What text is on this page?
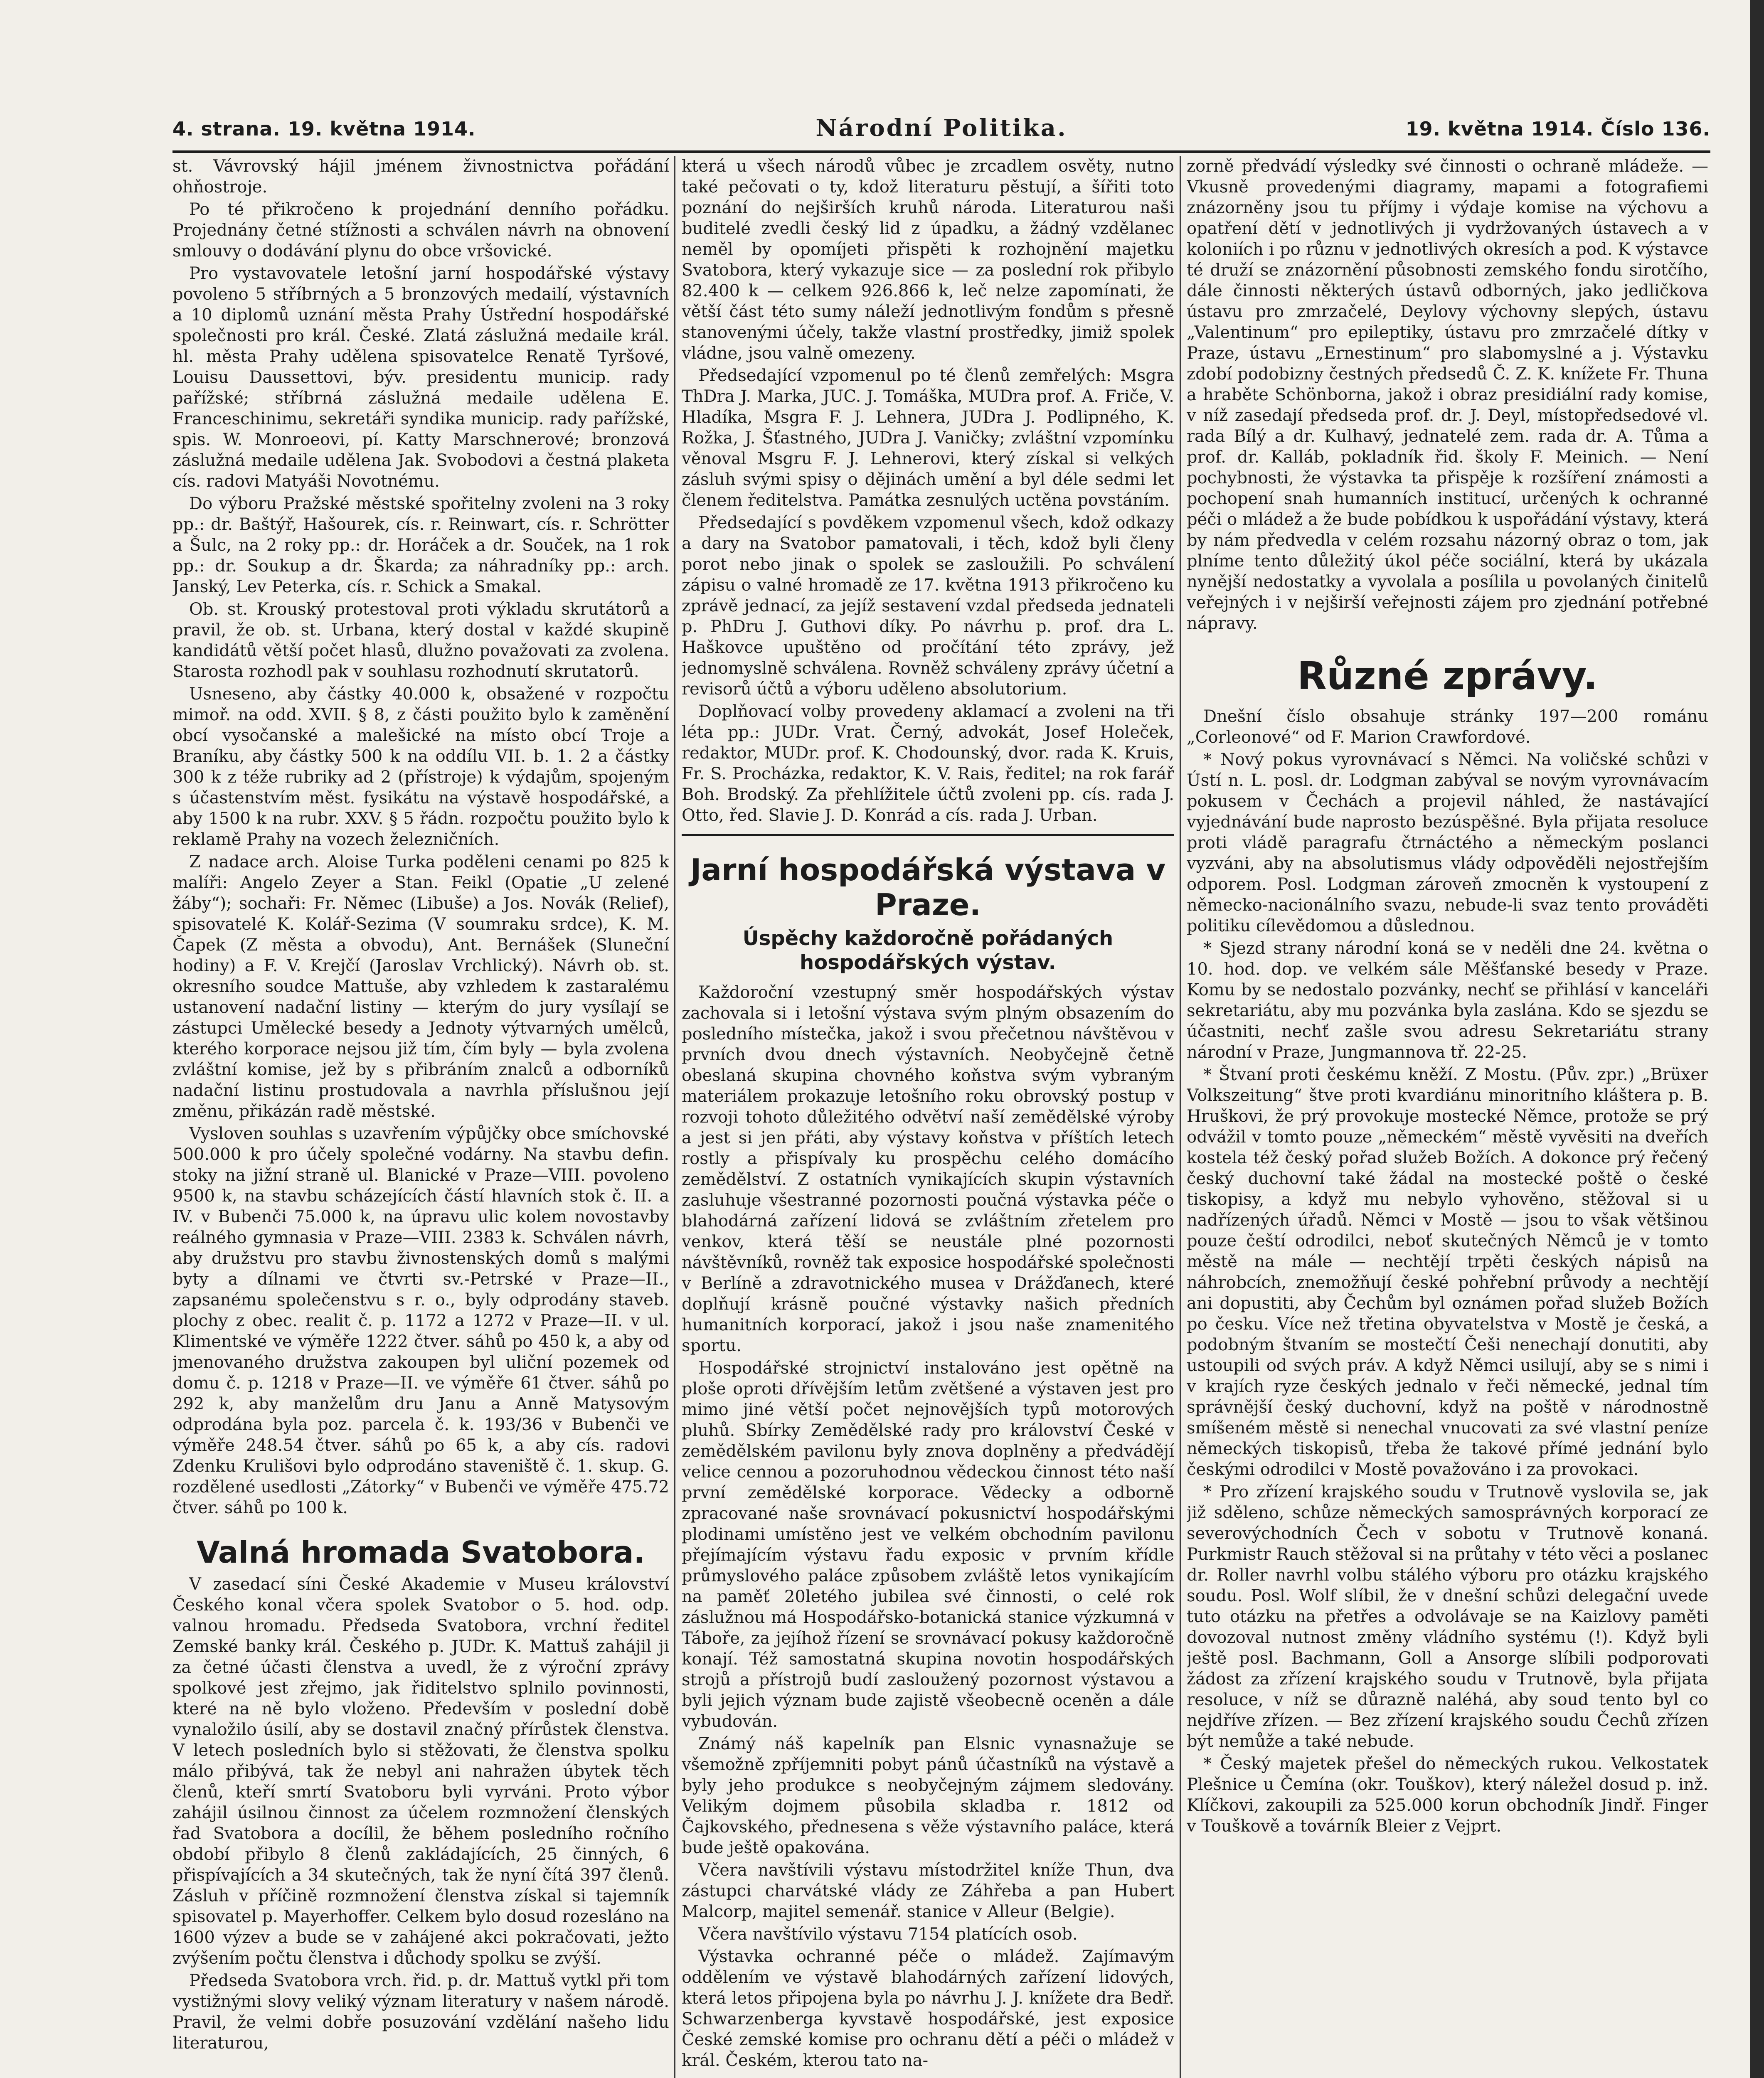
4. strana. 19. května 1914.	Národní Politika.	19. května 1914. Číslo 136.

st. Vávrovský hájil jménem živnostnictva pořádání ohňostroje.

Po té přikročeno k projednání denního pořádku. Projednány četné stížnosti a schválen návrh na obnovení smlouvy o dodávání plynu do obce vršovické.

Pro vystavovatele letošní jarní hospodářské výstavy povoleno 5 stříbrných a 5 bronzových medailí, výstavních a 10 diplomů uznání města Prahy Ústřední hospodářské společnosti pro král. České. Zlatá záslužná medaile král. hl. města Prahy udělena spisovatelce Renatě Tyršové, Louisu Daussettovi, býv. presidentu municip. rady pařížské; stříbrná záslužná medaile udělena E. Franceschinimu, sekretáři syndika municip. rady pařížské, spis. W. Monroeovi, pí. Katty Marschnerové; bronzová záslužná medaile udělena Jak. Svobodovi a čestná plaketa cís. radovi Matyáši Novotnému.

Do výboru Pražské městské spořitelny zvoleni na 3 roky pp.: dr. Baštýř, Hašourek, cís. r. Reinwart, cís. r. Schrötter a Šulc, na 2 roky pp.: dr. Horáček a dr. Souček, na 1 rok pp.: dr. Soukup a dr. Škarda; za náhradníky pp.: arch. Janský, Lev Peterka, cís. r. Schick a Smakal.

Ob. st. Krouský protestoval proti výkladu skrutátorů a pravil, že ob. st. Urbana, který dostal v každé skupině kandidátů větší počet hlasů, dlužno považovati za zvolena. Starosta rozhodl pak v souhlasu rozhodnutí skrutatorů.

Usneseno, aby částky 40.000 k, obsažené v rozpočtu mimoř. na odd. XVII. § 8, z části použito bylo k zaměnění obcí vysočanské a malešické na místo obcí Troje a Braníku, aby částky 500 k na oddílu VII. b. 1. 2 a částky 300 k z téže rubriky ad 2 (přístroje) k výdajům, spojeným s účastenstvím měst. fysikátu na výstavě hospodářské, a aby 1500 k na rubr. XXV. § 5 řádn. rozpočtu použito bylo k reklamě Prahy na vozech železničních.

Z nadace arch. Aloise Turka poděleni cenami po 825 k malíři: Angelo Zeyer a Stan. Feikl (Opatie „U zelené žáby“); sochaři: Fr. Němec (Libuše) a Jos. Novák (Relief), spisovatelé K. Kolář-Sezima (V soumraku srdce), K. M. Čapek (Z města a obvodu), Ant. Bernášek (Sluneční hodiny) a F. V. Krejčí (Jaroslav Vrchlický). Návrh ob. st. okresního soudce Mattuše, aby vzhledem k zastaralému ustanovení nadační listiny — kterým do jury vysílají se zástupci Umělecké besedy a Jednoty výtvarných umělců, kterého korporace nejsou již tím, čím byly — byla zvolena zvláštní komise, jež by s přibráním znalců a odborníků nadační listinu prostudovala a navrhla příslušnou její změnu, přikázán radě městské.

Vysloven souhlas s uzavřením výpůjčky obce smíchovské 500.000 k pro účely společné vodárny. Na stavbu defin. stoky na jižní straně ul. Blanické v Praze—VIII. povoleno 9500 k, na stavbu scházejících částí hlavních stok č. II. a IV. v Bubenči 75.000 k, na úpravu ulic kolem novostavby reálného gymnasia v Praze—VIII. 2383 k. Schválen návrh, aby družstvu pro stavbu živnostenských domů s malými byty a dílnami ve čtvrti sv.-Petrské v Praze—II., zapsanému společenstvu s r. o., byly odprodány staveb. plochy z obec. realit č. p. 1172 a 1272 v Praze—II. v ul. Klimentské ve výměře 1222 čtver. sáhů po 450 k, a aby od jmenovaného družstva zakoupen byl uliční pozemek od domu č. p. 1218 v Praze—II. ve výměře 61 čtver. sáhů po 292 k, aby manželům dru Janu a Anně Matysovým odprodána byla poz. parcela č. k. 193/36 v Bubenči ve výměře 248.54 čtver. sáhů po 65 k, a aby cís. radovi Zdenku Krulišovi bylo odprodáno staveniště č. 1. skup. G. rozdělené usedlosti „Zátorky“ v Bubenči ve výměře 475.72 čtver. sáhů po 100 k.

Valná hromada Svatobora.

V zasedací síni České Akademie v Museu království Českého konal včera spolek Svatobor o 5. hod. odp. valnou hromadu. Předseda Svatobora, vrchní ředitel Zemské banky král. Českého p. JUDr. K. Mattuš zahájil ji za četné účasti členstva a uvedl, že z výroční zprávy spolkové jest zřejmo, jak řiditelstvo splnilo povinnosti, které na ně bylo vloženo. Především v poslední době vynaložilo úsilí, aby se dostavil značný přírůstek členstva. V letech posledních bylo si stěžovati, že členstva spolku málo přibývá, tak že nebyl ani nahražen úbytek těch členů, kteří smrtí Svatoboru byli vyrváni. Proto výbor zahájil úsilnou činnost za účelem rozmnožení členských řad Svatobora a docílil, že během posledního ročního období přibylo 8 členů zakládajících, 25 činných, 6 přispívajících a 34 skutečných, tak že nyní čítá 397 členů. Zásluh v příčině rozmnožení členstva získal si tajemník spisovatel p. Mayerhoffer. Celkem bylo dosud rozesláno na 1600 výzev a bude se v zahájené akci pokračovati, ježto zvýšením počtu členstva i důchody spolku se zvýší.

Předseda Svatobora vrch. řid. p. dr. Mattuš vytkl při tom vystižnými slovy veliký význam literatury v našem národě. Pravil, že velmi dobře posuzování vzdělání našeho lidu literaturou,

která u všech národů vůbec je zrcadlem osvěty, nutno také pečovati o ty, kdož literaturu pěstují, a šířiti toto poznání do nejširších kruhů národa. Literaturou naši buditelé zvedli český lid z úpadku, a žádný vzdělanec neměl by opomíjeti přispěti k rozhojnění majetku Svatobora, který vykazuje sice — za poslední rok přibylo 82.400 k — celkem 926.866 k, leč nelze zapomínati, že větší část této sumy náleží jednotlivým fondům s přesně stanovenými účely, takže vlastní prostředky, jimiž spolek vládne, jsou valně omezeny.

Předsedající vzpomenul po té členů zemřelých: Msgra ThDra J. Marka, JUC. J. Tomáška, MUDra prof. A. Friče, V. Hladíka, Msgra F. J. Lehnera, JUDra J. Podlipného, K. Rožka, J. Šťastného, JUDra J. Vaničky; zvláštní vzpomínku věnoval Msgru F. J. Lehnerovi, který získal si velkých zásluh svými spisy o dějinách umění a byl déle sedmi let členem ředitelstva. Památka zesnulých uctěna povstáním.

Předsedající s povděkem vzpomenul všech, kdož odkazy a dary na Svatobor pamatovali, i těch, kdož byli členy porot nebo jinak o spolek se zasloužili. Po schválení zápisu o valné hromadě ze 17. května 1913 přikročeno ku zprávě jednací, za jejíž sestavení vzdal předseda jednateli p. PhDru J. Guthovi díky. Po návrhu p. prof. dra L. Haškovce upuštěno od pročítání této zprávy, jež jednomyslně schválena. Rovněž schváleny zprávy účetní a revisorů účtů a výboru uděleno absolutorium.

Doplňovací volby provedeny aklamací a zvoleni na tři léta pp.: JUDr. Vrat. Černý, advokát, Josef Holeček, redaktor, MUDr. prof. K. Chodounský, dvor. rada K. Kruis, Fr. S. Procházka, redaktor, K. V. Rais, ředitel; na rok farář Boh. Brodský. Za přehlížitele účtů zvoleni pp. cís. rada J. Otto, řed. Slavie J. D. Konrád a cís. rada J. Urban.

Jarní hospodářská výstava v Praze.
Úspěchy každoročně pořádaných hospodářských výstav.

Každoroční vzestupný směr hospodářských výstav zachovala si i letošní výstava svým plným obsazením do posledního místečka, jakož i svou přečetnou návštěvou v prvních dvou dnech výstavních. Neobyčejně četně obeslaná skupina chovného koňstva svým vybraným materiálem prokazuje letošního roku obrovský postup v rozvoji tohoto důležitého odvětví naší zemědělské výroby a jest si jen přáti, aby výstavy koňstva v příštích letech rostly a přispívaly ku prospěchu celého domácího zemědělství. Z ostatních vynikajících skupin výstavních zasluhuje všestranné pozornosti poučná výstavka péče o blahodárná zařízení lidová se zvláštním zřetelem pro venkov, která těší se neustále plné pozornosti návštěvníků, rovněž tak exposice hospodářské společnosti v Berlíně a zdravotnického musea v Drážďanech, které doplňují krásně poučné výstavky našich předních humanitních korporací, jakož i jsou naše znamenitého sportu.

Hospodářské strojnictví instalováno jest opětně na ploše oproti dřívějším letům zvětšené a výstaven jest pro mimo jiné větší počet nejnovějších typů motorových pluhů. Sbírky Zemědělské rady pro království České v zemědělském pavilonu byly znova doplněny a předvádějí velice cennou a pozoruhodnou vědeckou činnost této naší první zemědělské korporace. Vědecky a odborně zpracované naše srovnávací pokusnictví hospodářskými plodinami umístěno jest ve velkém obchodním pavilonu přejímajícím výstavu řadu exposic v prvním křídle průmyslového paláce způsobem zvláště letos vynikajícím na paměť 20letého jubilea své činnosti, o celé rok záslužnou má Hospodářsko-botanická stanice výzkumná v Táboře, za jejíhož řízení se srovnávací pokusy každoročně konají. Též samostatná skupina novotin hospodářských strojů a přístrojů budí zasloužený pozornost výstavou a byli jejich význam bude zajistě všeobecně oceněn a dále vybudován.

Známý náš kapelník pan Elsnic vynasnažuje se všemožně zpříjemniti pobyt pánů účastníků na výstavě a byly jeho produkce s neobyčejným zájmem sledovány. Velikým dojmem působila skladba r. 1812 od Čajkovského, přednesena s věže výstavního paláce, která bude ještě opakována.

Včera navštívili výstavu místodržitel kníže Thun, dva zástupci charvátské vlády ze Záhřeba a pan Hubert Malcorp, majitel semenář. stanice v Alleur (Belgie).

Včera navštívilo výstavu 7154 platících osob.

Výstavka ochranné péče o mládež. Zajímavým oddělením ve výstavě blahodárných zařízení lidových, která letos připojena byla po návrhu J. J. knížete dra Bedř. Schwarzenberga kyvstavě hospodářské, jest exposice České zemské komise pro ochranu dětí a péči o mládež v král. Českém, kterou tato na-

zorně předvádí výsledky své činnosti o ochraně mládeže. — Vkusně provedenými diagramy, mapami a fotografiemi znázorněny jsou tu příjmy i výdaje komise na výchovu a opatření dětí v jednotlivých ji vydržovaných ústavech a v koloniích i po různu v jednotlivých okresích a pod. K výstavce té druží se znázornění působnosti zemského fondu sirotčího, dále činnosti některých ústavů odborných, jako jedličkova ústavu pro zmrzačelé, Deylovy výchovny slepých, ústavu „Valentinum“ pro epileptiky, ústavu pro zmrzačelé dítky v Praze, ústavu „Ernestinum“ pro slabomyslné a j. Výstavku zdobí podobizny čestných předsedů Č. Z. K. knížete Fr. Thuna a hraběte Schönborna, jakož i obraz presidiální rady komise, v níž zasedají předseda prof. dr. J. Deyl, místopředsedové vl. rada Bílý a dr. Kulhavý, jednatelé zem. rada dr. A. Tůma a prof. dr. Kalláb, pokladník řid. školy F. Meinich. — Není pochybnosti, že výstavka ta přispěje k rozšíření známosti a pochopení snah humanních institucí, určených k ochranné péči o mládež a že bude pobídkou k uspořádání výstavy, která by nám předvedla v celém rozsahu názorný obraz o tom, jak plníme tento důležitý úkol péče sociální, která by ukázala nynější nedostatky a vyvolala a posílila u povolaných činitelů veřejných i v nejširší veřejnosti zájem pro zjednání potřebné nápravy.

Různé zprávy.

Dnešní číslo obsahuje stránky 197—200 románu „Corleonové“ od F. Marion Crawfordové.

* Nový pokus vyrovnávací s Němci. Na voličské schůzi v Ústí n. L. posl. dr. Lodgman zabýval se novým vyrovnávacím pokusem v Čechách a projevil náhled, že nastávající vyjednávání bude naprosto bezúspěšné. Byla přijata resoluce proti vládě paragrafu čtrnáctého a německým poslanci vyzváni, aby na absolutismus vlády odpověděli nejostřejším odporem. Posl. Lodgman zároveň zmocněn k vystoupení z německo-nacionálního svazu, nebude-li svaz tento prováděti politiku cílevědomou a důslednou.

* Sjezd strany národní koná se v neděli dne 24. května o 10. hod. dop. ve velkém sále Měšťanské besedy v Praze. Komu by se nedostalo pozvánky, nechť se přihlásí v kanceláři sekretariátu, aby mu pozvánka byla zaslána. Kdo se sjezdu se účastniti, nechť zašle svou adresu Sekretariátu strany národní v Praze, Jungmannova tř. 22-25.

* Štvaní proti českému kněží. Z Mostu. (Pův. zpr.) „Brüxer Volkszeitung“ štve proti kvardiánu minoritního kláštera p. B. Hruškovi, že prý provokuje mostecké Němce, protože se prý odvážil v tomto pouze „německém“ městě vyvěsiti na dveřích kostela též český pořad služeb Božích. A dokonce prý řečený český duchovní také žádal na mostecké poště o české tiskopisy, a když mu nebylo vyhověno, stěžoval si u nadřízených úřadů. Němci v Mostě — jsou to však většinou pouze čeští odrodilci, neboť skutečných Němců je v tomto městě na mále — nechtějí trpěti českých nápisů na náhrobcích, znemožňují české pohřební průvody a nechtějí ani dopustiti, aby Čechům byl oznámen pořad služeb Božích po česku. Více než třetina obyvatelstva v Mostě je česká, a podobným štvaním se mostečtí Češi nenechají donutiti, aby ustoupili od svých práv. A když Němci usilují, aby se s nimi i v krajích ryze českých jednalo v řeči německé, jednal tím správnější český duchovní, když na poště v národnostně smíšeném městě si nenechal vnucovati za své vlastní peníze německých tiskopisů, třeba že takové přímé jednání bylo českými odrodilci v Mostě považováno i za provokaci.

* Pro zřízení krajského soudu v Trutnově vyslovila se, jak již sděleno, schůze německých samosprávných korporací ze severovýchodních Čech v sobotu v Trutnově konaná. Purkmistr Rauch stěžoval si na průtahy v této věci a poslanec dr. Roller navrhl volbu stálého výboru pro otázku krajského soudu. Posl. Wolf slíbil, že v dnešní schůzi delegační uvede tuto otázku na přetřes a odvolávaje se na Kaizlovy paměti dovozoval nutnost změny vládního systému (!). Když byli ještě posl. Bachmann, Goll a Ansorge slíbili podporovati žádost za zřízení krajského soudu v Trutnově, byla přijata resoluce, v níž se důrazně naléhá, aby soud tento byl co nejdříve zřízen. — Bez zřízení krajského soudu Čechů zřízen být nemůže a také nebude.

* Český majetek přešel do německých rukou. Velkostatek Plešnice u Čemína (okr. Touškov), který náležel dosud p. inž. Klíčkovi, zakoupili za 525.000 korun obchodník Jindř. Finger v Touškově a továrník Bleier z Vejprt.
